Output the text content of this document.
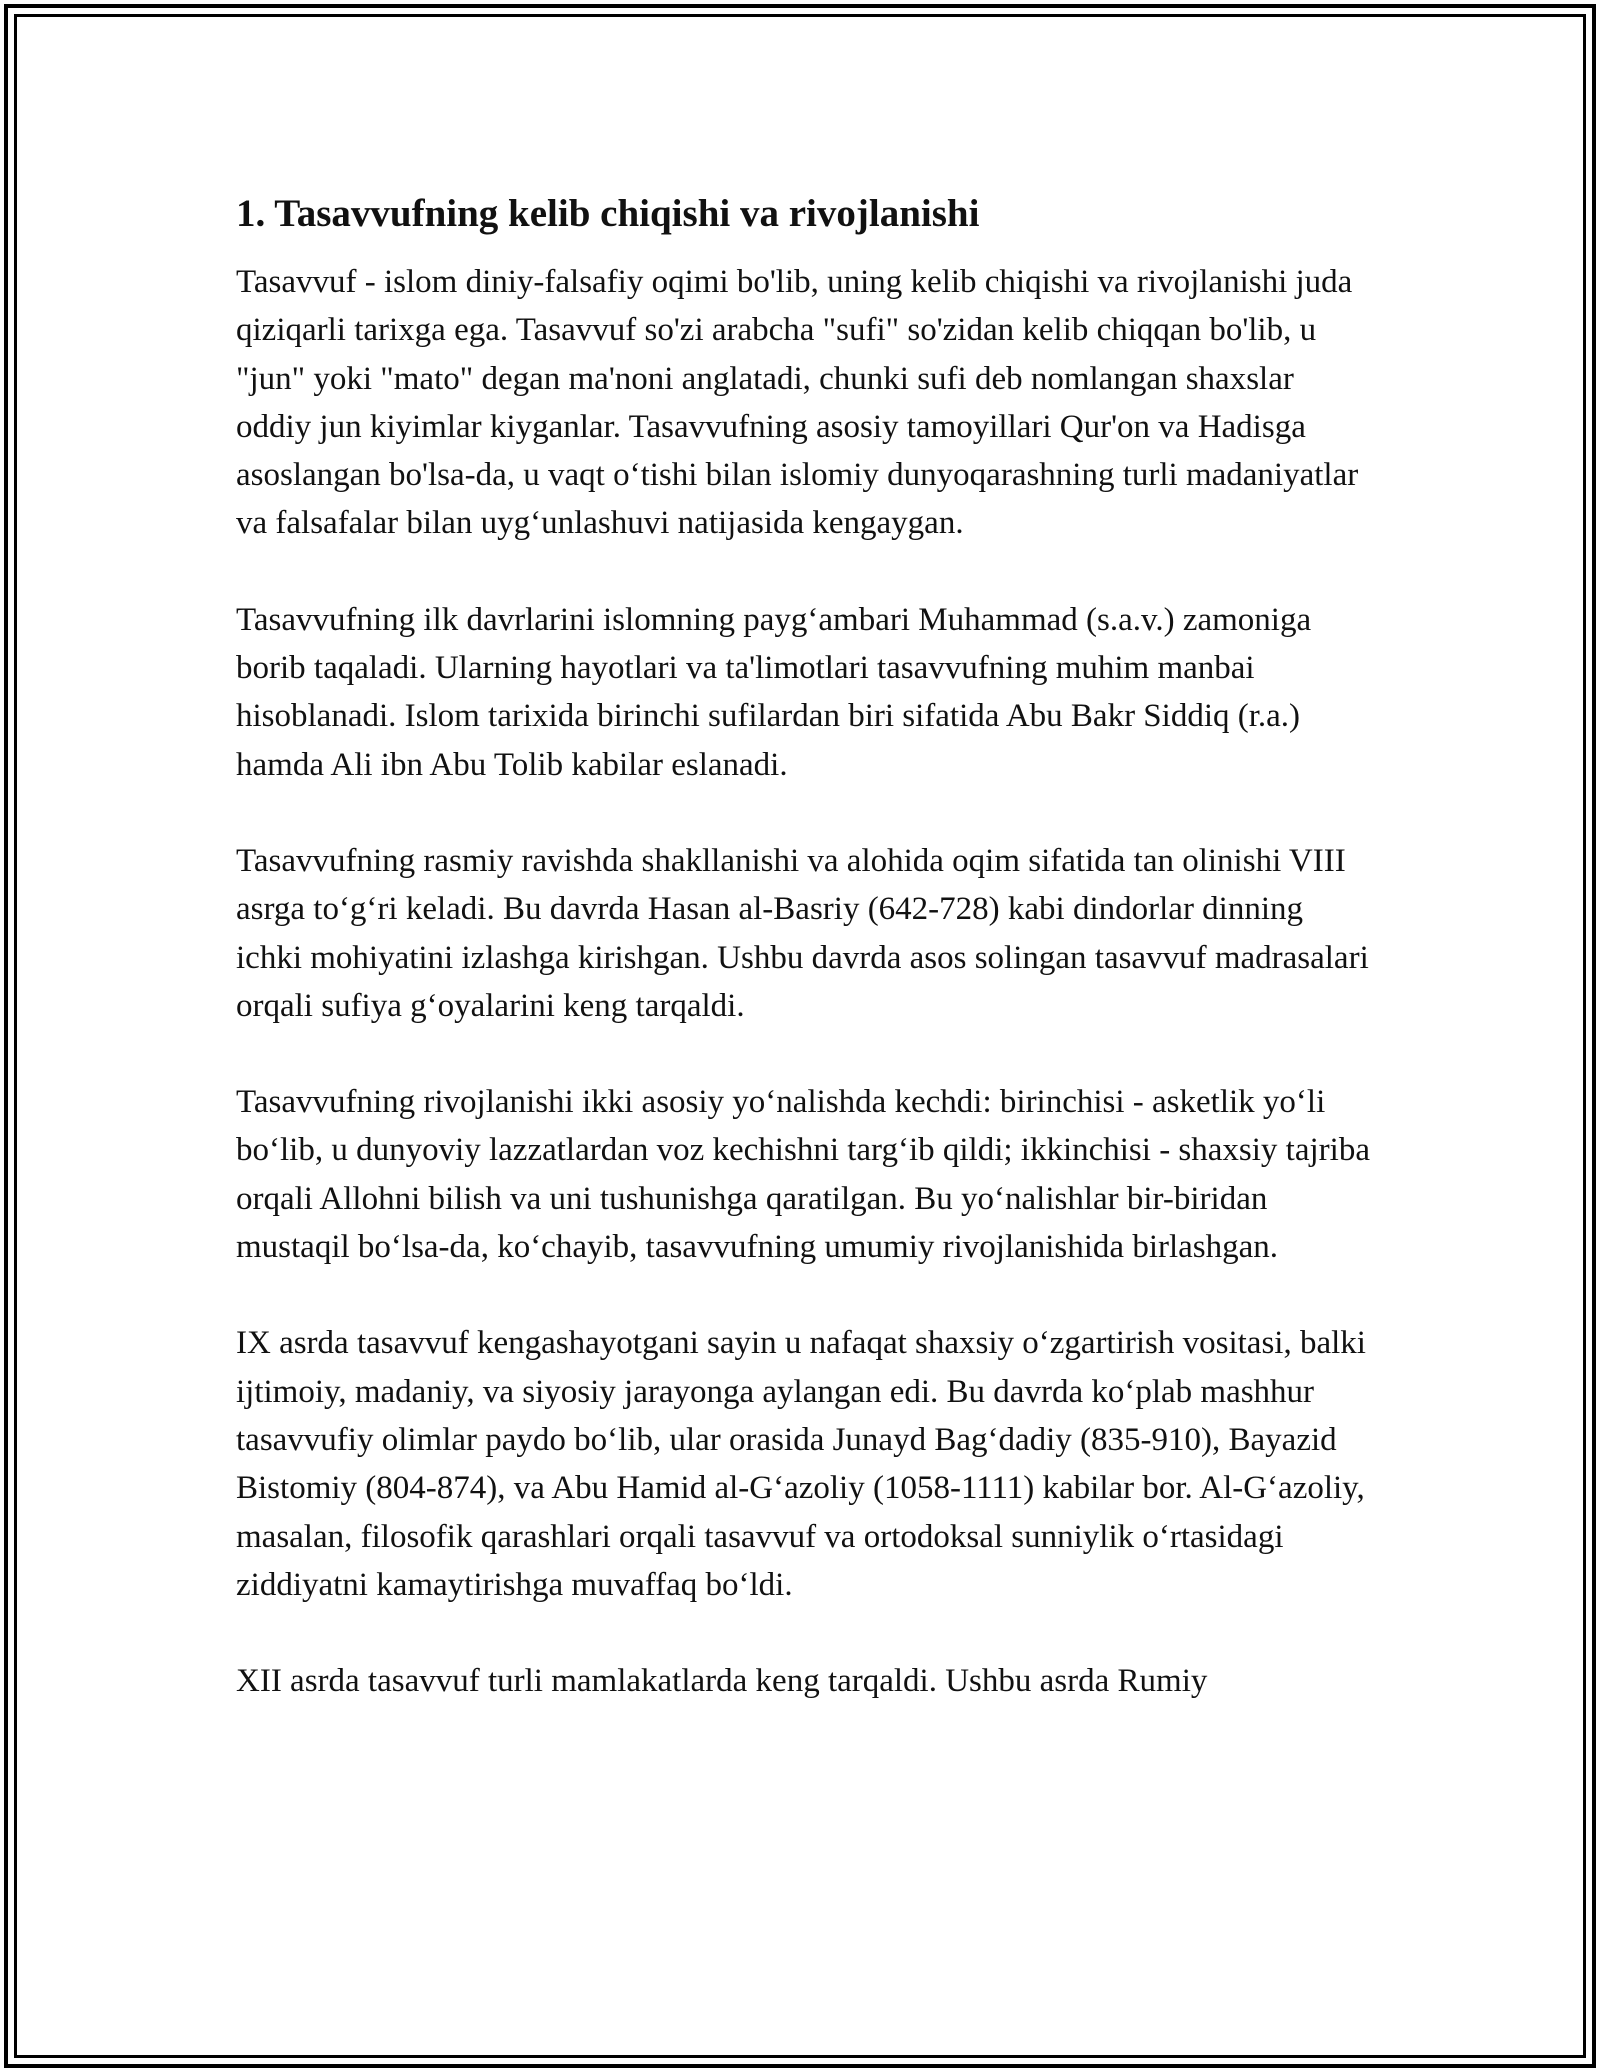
1. Tasavvufning kelib chiqishi va rivojlanishi

Tasavvuf - islom diniy-falsafiy oqimi bo'lib, uning kelib chiqishi va rivojlanishi juda qiziqarli tarixga ega. Tasavvuf so'zi arabcha "sufi" so'zidan kelib chiqqan bo'lib, u "jun" yoki "mato" degan ma'noni anglatadi, chunki sufi deb nomlangan shaxslar oddiy jun kiyimlar kiyganlar. Tasavvufning asosiy tamoyillari Qur'on va Hadisga asoslangan bo'lsa-da, u vaqt o‘tishi bilan islomiy dunyoqarashning turli madaniyatlar va falsafalar bilan uyg‘unlashuvi natijasida kengaygan.

Tasavvufning ilk davrlarini islomning payg‘ambari Muhammad (s.a.v.) zamoniga borib taqaladi. Ularning hayotlari va ta'limotlari tasavvufning muhim manbai hisoblanadi. Islom tarixida birinchi sufilardan biri sifatida Abu Bakr Siddiq (r.a.) hamda Ali ibn Abu Tolib kabilar eslanadi.

Tasavvufning rasmiy ravishda shakllanishi va alohida oqim sifatida tan olinishi VIII asrga to‘g‘ri keladi. Bu davrda Hasan al-Basriy (642-728) kabi dindorlar dinning ichki mohiyatini izlashga kirishgan. Ushbu davrda asos solingan tasavvuf madrasalari orqali sufiya g‘oyalarini keng tarqaldi.

Tasavvufning rivojlanishi ikki asosiy yo‘nalishda kechdi: birinchisi - asketlik yo‘li bo‘lib, u dunyoviy lazzatlardan voz kechishni targ‘ib qildi; ikkinchisi - shaxsiy tajriba orqali Allohni bilish va uni tushunishga qaratilgan. Bu yo‘nalishlar bir-biridan mustaqil bo‘lsa-da, ko‘chayib, tasavvufning umumiy rivojlanishida birlashgan.

IX asrda tasavvuf kengashayotgani sayin u nafaqat shaxsiy o‘zgartirish vositasi, balki ijtimoiy, madaniy, va siyosiy jarayonga aylangan edi. Bu davrda ko‘plab mashhur tasavvufiy olimlar paydo bo‘lib, ular orasida Junayd Bag‘dadiy (835-910), Bayazid Bistomiy (804-874), va Abu Hamid al-G‘azoliy (1058-1111) kabilar bor. Al-G‘azoliy, masalan, filosofik qarashlari orqali tasavvuf va ortodoksal sunniylik o‘rtasidagi ziddiyatni kamaytirishga muvaffaq bo‘ldi.

XII asrda tasavvuf turli mamlakatlarda keng tarqaldi. Ushbu asrda Rumiy
